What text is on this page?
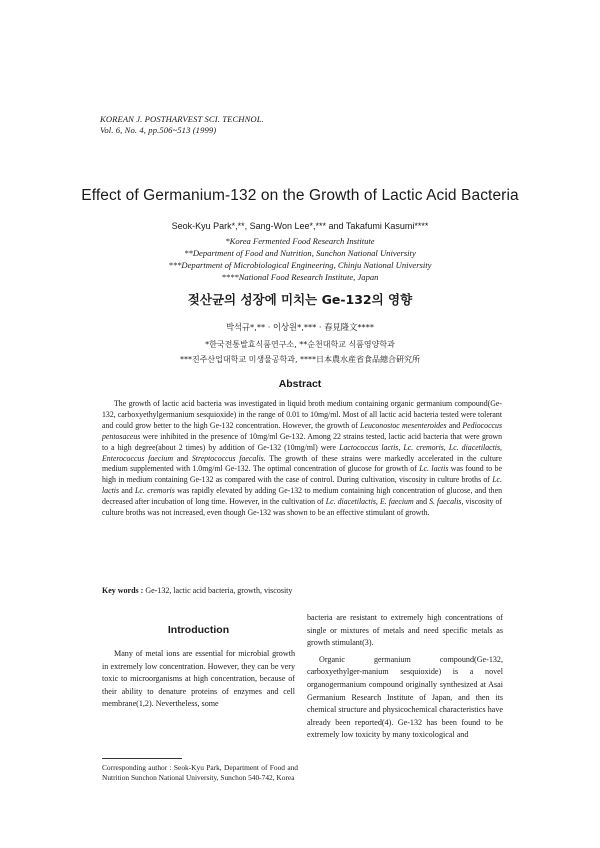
KOREAN J. POSTHARVEST SCI. TECHNOL.
Vol. 6, No. 4, pp.506~513 (1999)
Effect of Germanium-132 on the Growth of Lactic Acid Bacteria
Seok-Kyu Park*,**, Sang-Won Lee*,*** and Takafumi Kasumi****
*Korea Fermented Food Research Institute
**Department of Food and Nutrition, Sunchon National University
***Department of Microbiological Engineering, Chinju National University
****National Food Research Institute, Japan
젖산균의 성장에 미치는 Ge-132의 영향
박석규*,** · 이상원*,*** · 春見隆文****
*한국전통발효식품연구소, **순천대학교 식품영양학과
***진주산업대학교 미생물공학과, ****日本農水産省食品總合硏究所
Abstract

The growth of lactic acid bacteria was investigated in liquid broth medium containing organic germanium compound(Ge-132, carboxyethylgermanium sesquioxide) in the range of 0.01 to 10mg/ml. Most of all lactic acid bacteria tested were tolerant and could grow better to the high Ge-132 concentration. However, the growth of Leuconostoc mesenteroides and Pediococcus pentosaceus were inhibited in the presence of 10mg/ml Ge-132. Among 22 strains tested, lactic acid bacteria that were grown to a high degree(about 2 times) by addition of Ge-132 (10mg/ml) were Lactococcus lactis, Lc. cremoris, Lc. diacetilactis, Enterococcus faecium and Streptococcus faecalis. The growth of these strains were markedly accelerated in the culture medium supplemented with 1.0mg/ml Ge-132. The optimal concentration of glucose for growth of Lc. lactis was found to be high in medium containing Ge-132 as compared with the case of control. During cultivation, viscosity in culture broths of Lc. lactis and Lc. cremoris was rapidly elevated by adding Ge-132 to medium containing high concentration of glucose, and then decreased after incubation of long time. However, in the cultivation of Lc. diacetilactis, E. faecium and S. faecalis, viscosity of culture broths was not increased, even though Ge-132 was shown to be an effective stimulant of growth.

Key words : Ge-132, lactic acid bacteria, growth, viscosity
Introduction

Many of metal ions are essential for microbial growth in extremely low concentration. However, they can be very toxic to microorganisms at high concentration, because of their ability to denature proteins of enzymes and cell membrane(1,2). Nevertheless, some

Corresponding author : Seok-Kyu Park, Department of Food and Nutrition Sunchon National University, Sunchon 540-742, Korea

bacteria are resistant to extremely high concentrations of single or mixtures of metals and need specific metals as growth stimulant(3).

Organic germanium compound(Ge-132, carboxyethylger-manium sesquioxide) is a novel organogermanium compound originally synthesized at Asai Germanium Research Institute of Japan, and then its chemical structure and physicochemical characteristics have already been reported(4). Ge-132 has been found to be extremely low toxicity by many toxicological and
